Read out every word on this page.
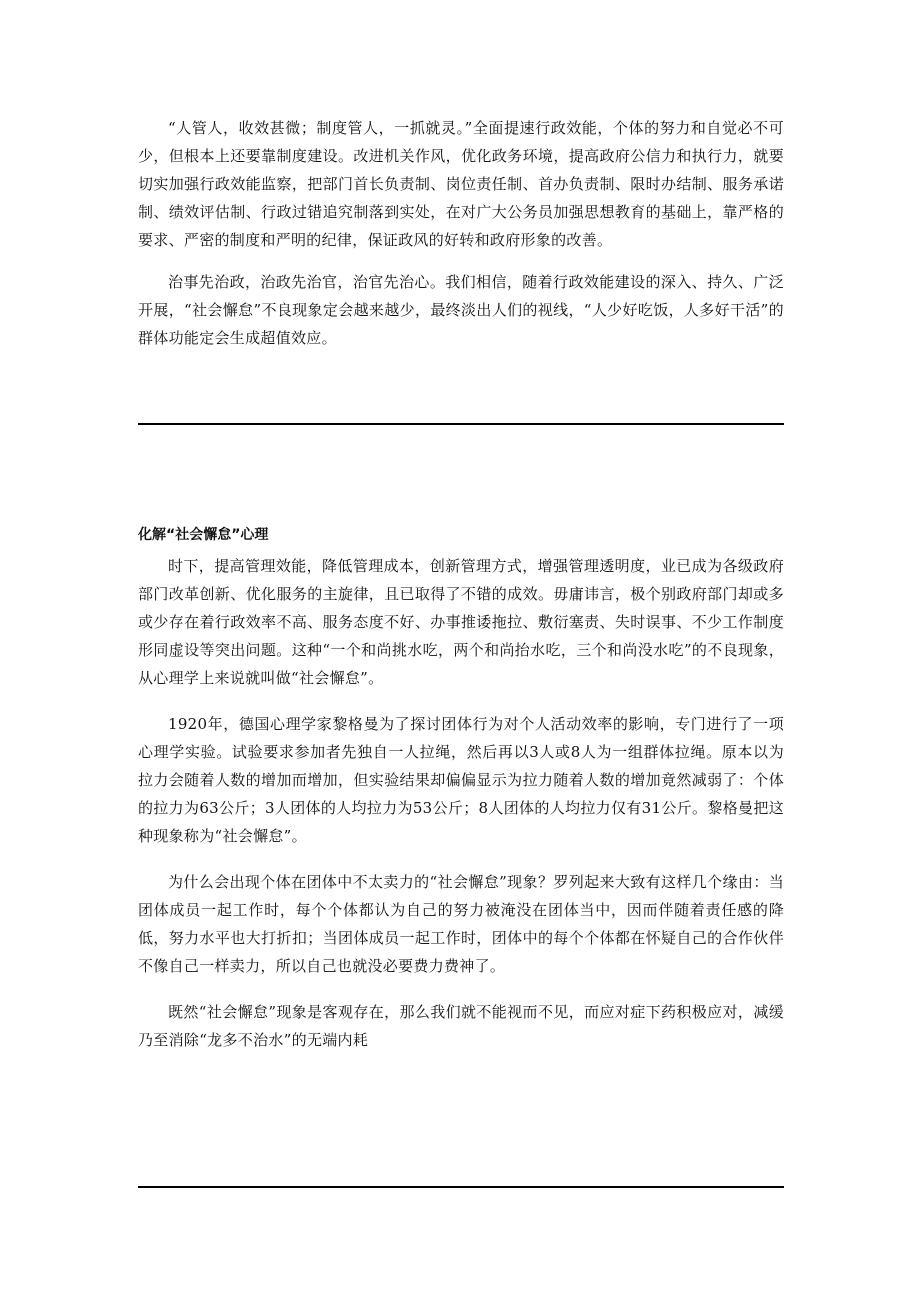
“人管人，收效甚微；制度管人，一抓就灵。”全面提速行政效能，个体的努力和自觉必不可少，但根本上还要靠制度建设。改进机关作风，优化政务环境，提高政府公信力和执行力，就要切实加强行政效能监察，把部门首长负责制、岗位责任制、首办负责制、限时办结制、服务承诺制、绩效评估制、行政过错追究制落到实处，在对广大公务员加强思想教育的基础上，靠严格的要求、严密的制度和严明的纪律，保证政风的好转和政府形象的改善。

治事先治政，治政先治官，治官先治心。我们相信，随着行政效能建设的深入、持久、广泛开展，“社会懈怠”不良现象定会越来越少，最终淡出人们的视线，“人少好吃饭，人多好干活”的群体功能定会生成超值效应。

化解“社会懈怠”心理

时下，提高管理效能，降低管理成本，创新管理方式，增强管理透明度，业已成为各级政府部门改革创新、优化服务的主旋律，且已取得了不错的成效。毋庸讳言，极个别政府部门却或多或少存在着行政效率不高、服务态度不好、办事推诿拖拉、敷衍塞责、失时误事、不少工作制度形同虚设等突出问题。这种“一个和尚挑水吃，两个和尚抬水吃，三个和尚没水吃”的不良现象，从心理学上来说就叫做“社会懈怠”。

1920年，德国心理学家黎格曼为了探讨团体行为对个人活动效率的影响，专门进行了一项心理学实验。试验要求参加者先独自一人拉绳，然后再以3人或8人为一组群体拉绳。原本以为拉力会随着人数的增加而增加，但实验结果却偏偏显示为拉力随着人数的增加竟然减弱了：个体的拉力为63公斤；3人团体的人均拉力为53公斤；8人团体的人均拉力仅有31公斤。黎格曼把这种现象称为“社会懈怠”。

为什么会出现个体在团体中不太卖力的“社会懈怠”现象？罗列起来大致有这样几个缘由：当团体成员一起工作时，每个个体都认为自己的努力被淹没在团体当中，因而伴随着责任感的降低，努力水平也大打折扣；当团体成员一起工作时，团体中的每个个体都在怀疑自己的合作伙伴不像自己一样卖力，所以自己也就没必要费力费神了。

既然“社会懈怠”现象是客观存在，那么我们就不能视而不见，而应对症下药积极应对，减缓乃至消除“龙多不治水”的无端内耗
